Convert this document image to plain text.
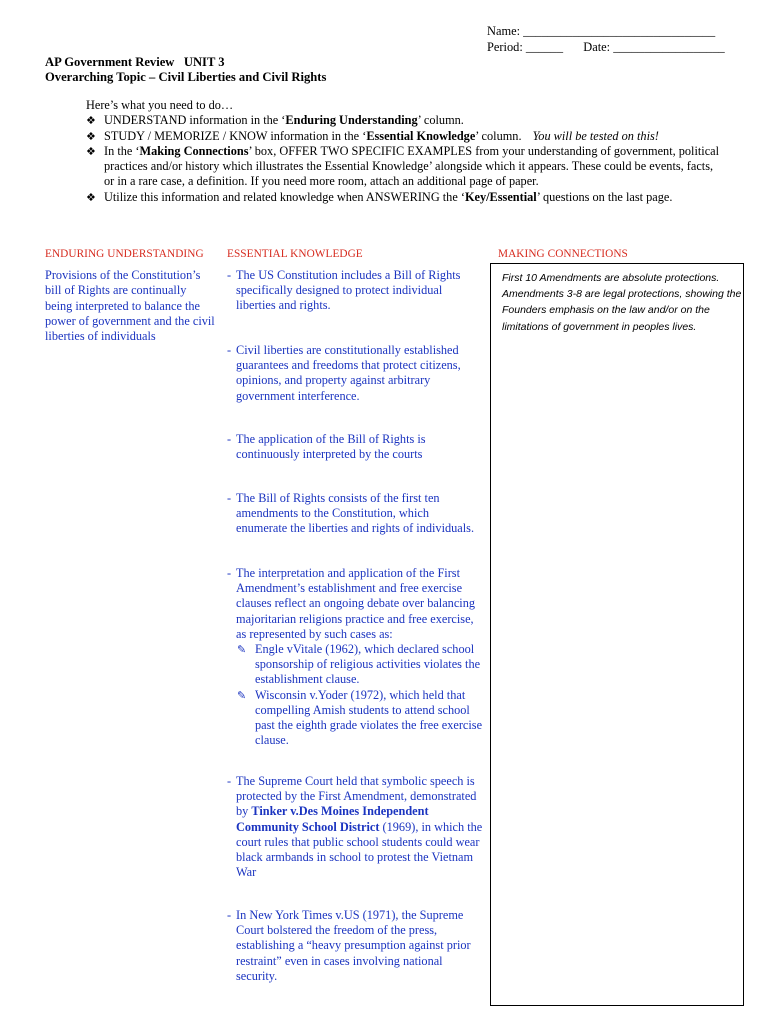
Name: _______________________________
Period: ______ Date: __________________
AP Government Review   UNIT 3
Overarching Topic – Civil Liberties and Civil Rights
Here’s what you need to do…

❖ UNDERSTAND information in the ‘Enduring Understanding’ column.

❖ STUDY / MEMORIZE / KNOW information in the ‘Essential Knowledge’ column. You will be tested on this!

❖ In the ‘Making Connections’ box, OFFER TWO SPECIFIC EXAMPLES from your understanding of government, political practices and/or history which illustrates the Essential Knowledge’ alongside which it appears. These could be events, facts, or in a rare case, a definition. If you need more room, attach an additional page of paper.

❖ Utilize this information and related knowledge when ANSWERING the ‘Key/Essential’ questions on the last page.

ENDURING UNDERSTANDING ESSENTIAL KNOWLEDGE	MAKING CONNECTIONS
Provisions of the Constitution’s bill of Rights are continually being interpreted to balance the power of government and the civil liberties of individuals
- The US Constitution includes a Bill of Rights specifically designed to protect individual liberties and rights.
- Civil liberties are constitutionally established guarantees and freedoms that protect citizens, opinions, and property against arbitrary government interference.
- The application of the Bill of Rights is continuously interpreted by the courts
- The Bill of Rights consists of the first ten amendments to the Constitution, which enumerate the liberties and rights of individuals.
- The interpretation and application of the First Amendment’s establishment and free exercise clauses reflect an ongoing debate over balancing majoritarian religions practice and free exercise, as represented by such cases as:
✎ Engle vVitale (1962), which declared school sponsorship of religious activities violates the establishment clause.
✎ Wisconsin v.Yoder (1972), which held that compelling Amish students to attend school past the eighth grade violates the free exercise clause.
- The Supreme Court held that symbolic speech is protected by the First Amendment, demonstrated by Tinker v.Des Moines Independent Community School District (1969), in which the court rules that public school students could wear black armbands in school to protest the Vietnam War
- In New York Times v.US (1971), the Supreme Court bolstered the freedom of the press, establishing a “heavy presumption against prior restraint” even in cases involving national security.
First 10 Amendments are absolute protections. Amendments 3-8 are legal protections, showing the Founders emphasis on the law and/or on the limitations of government in peoples lives.
